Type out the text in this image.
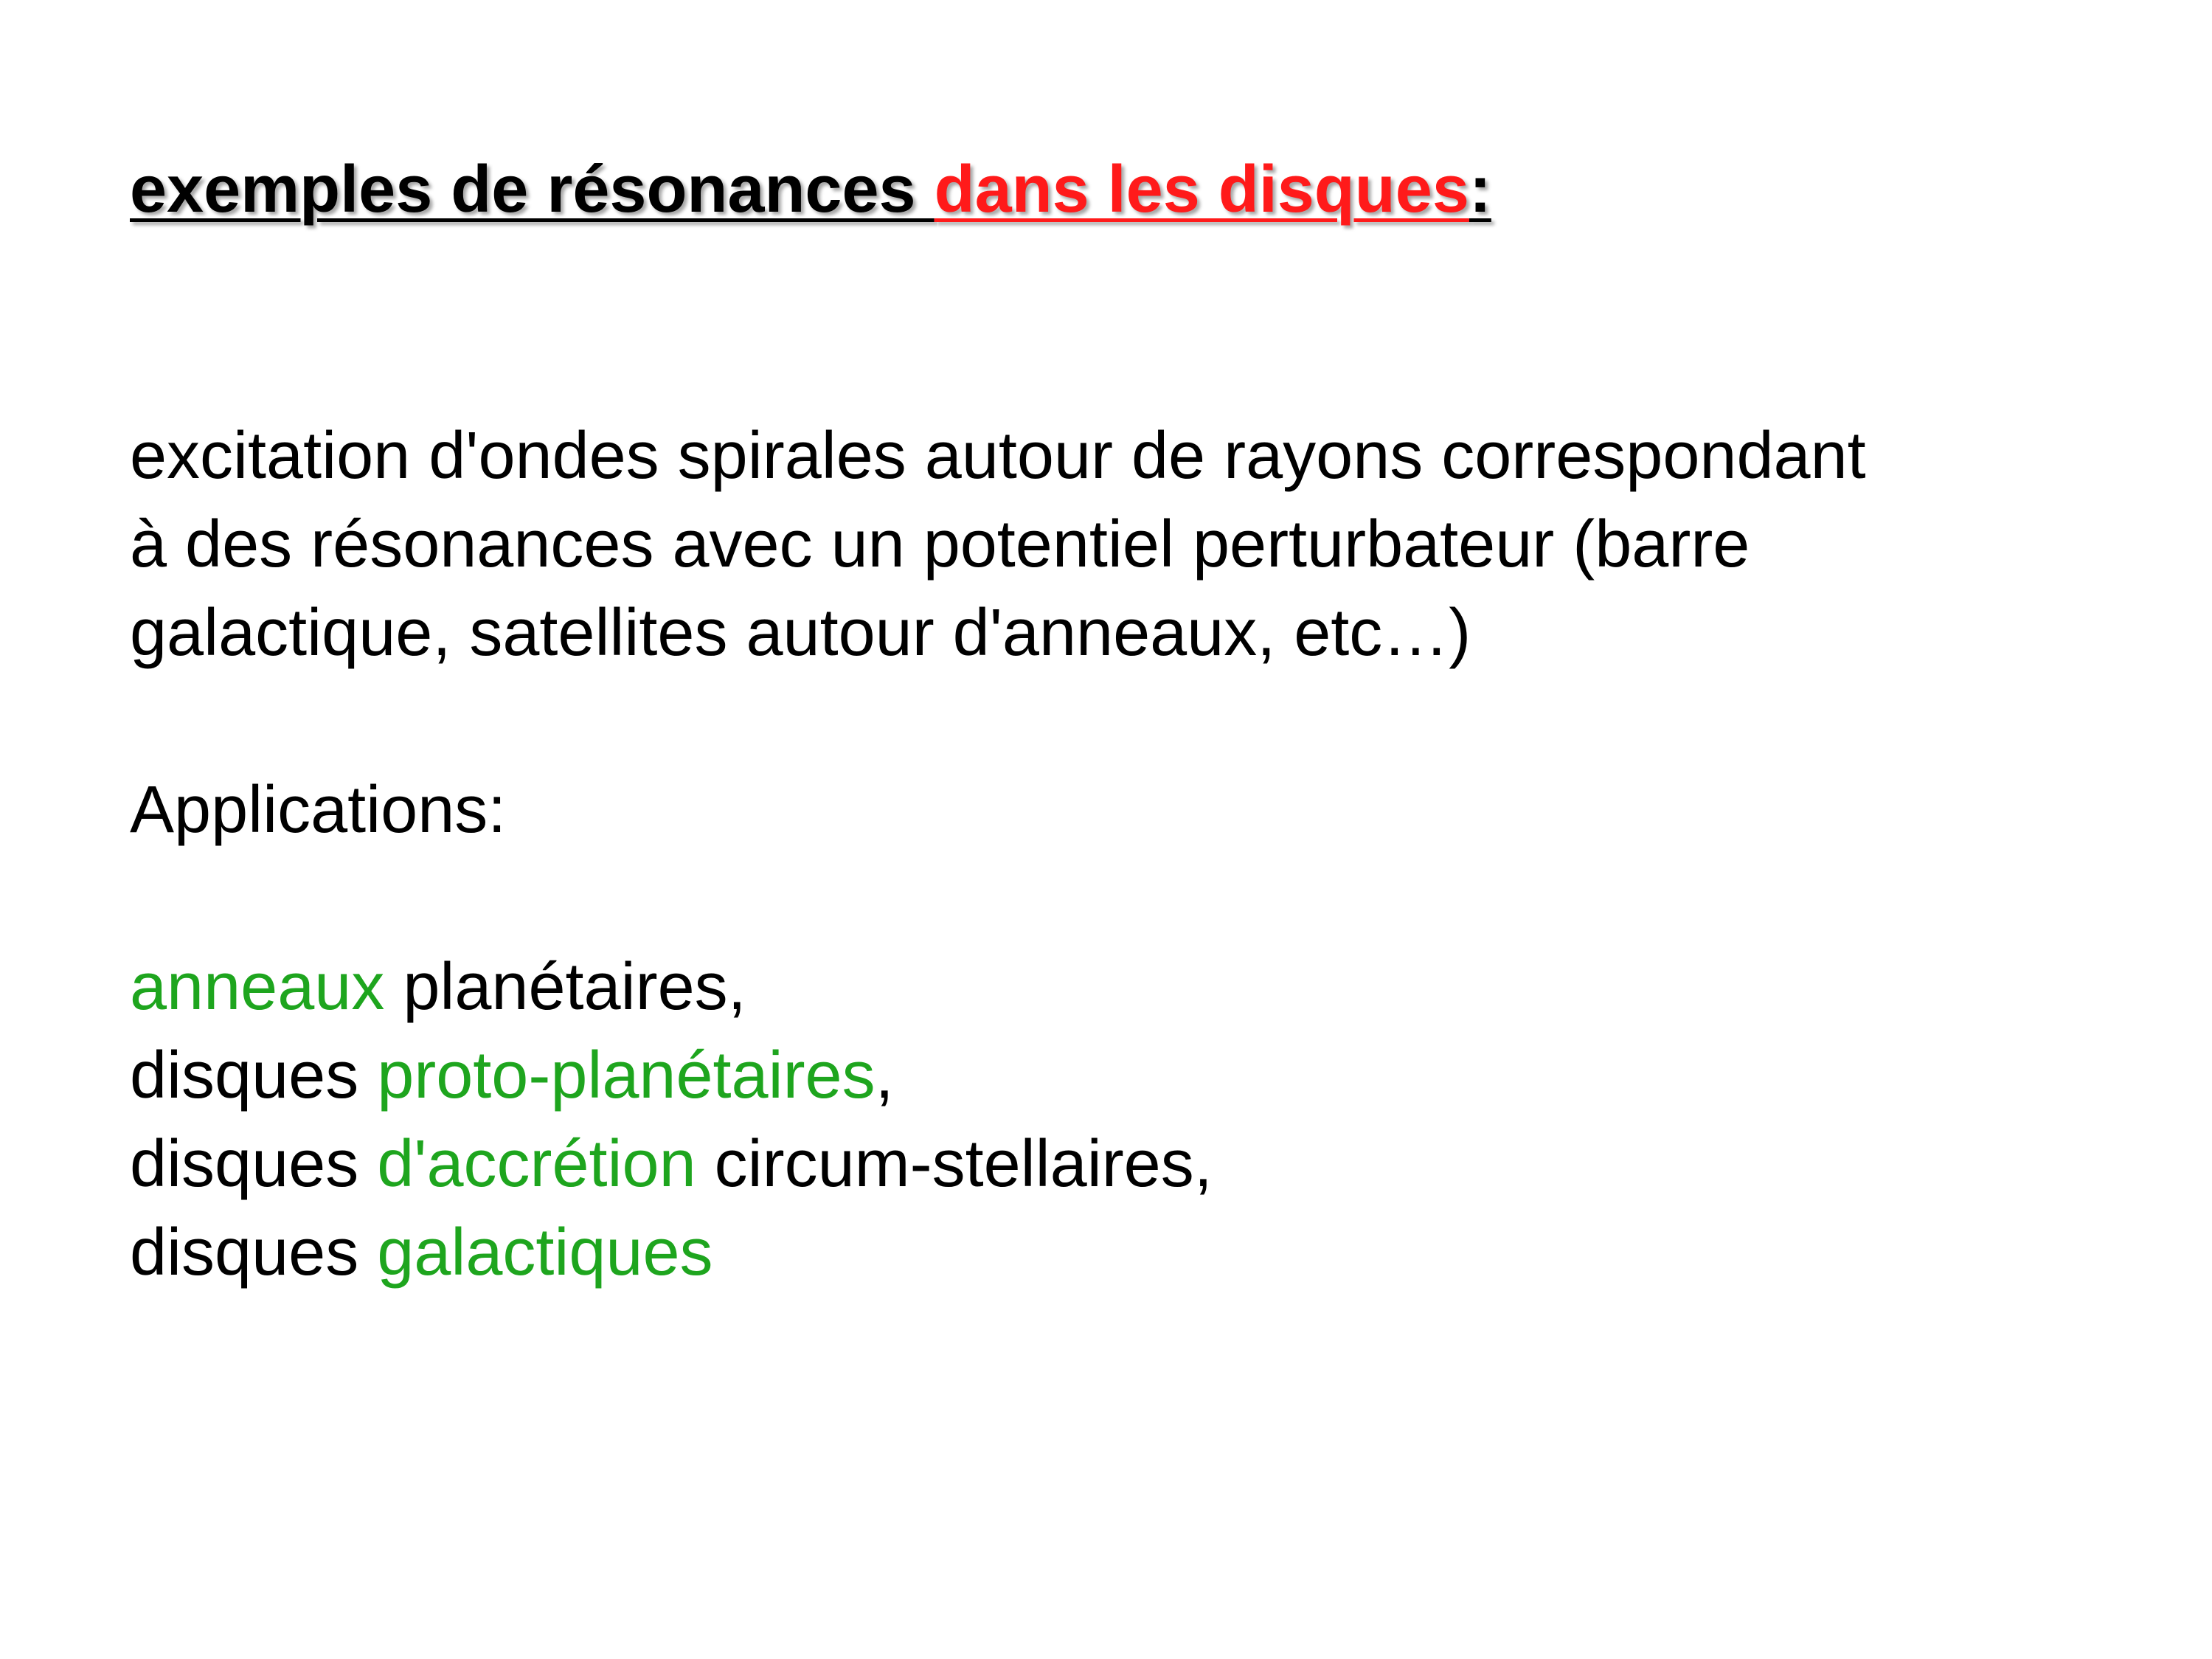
exemples de résonances dans les disques:

excitation d'ondes spirales autour de rayons correspondant
à des résonances avec un potentiel perturbateur (barre
galactique, satellites autour d'anneaux, etc…)

Applications:

anneaux planétaires,
disques proto-planétaires,
disques d'accrétion circum-stellaires,
disques galactiques
